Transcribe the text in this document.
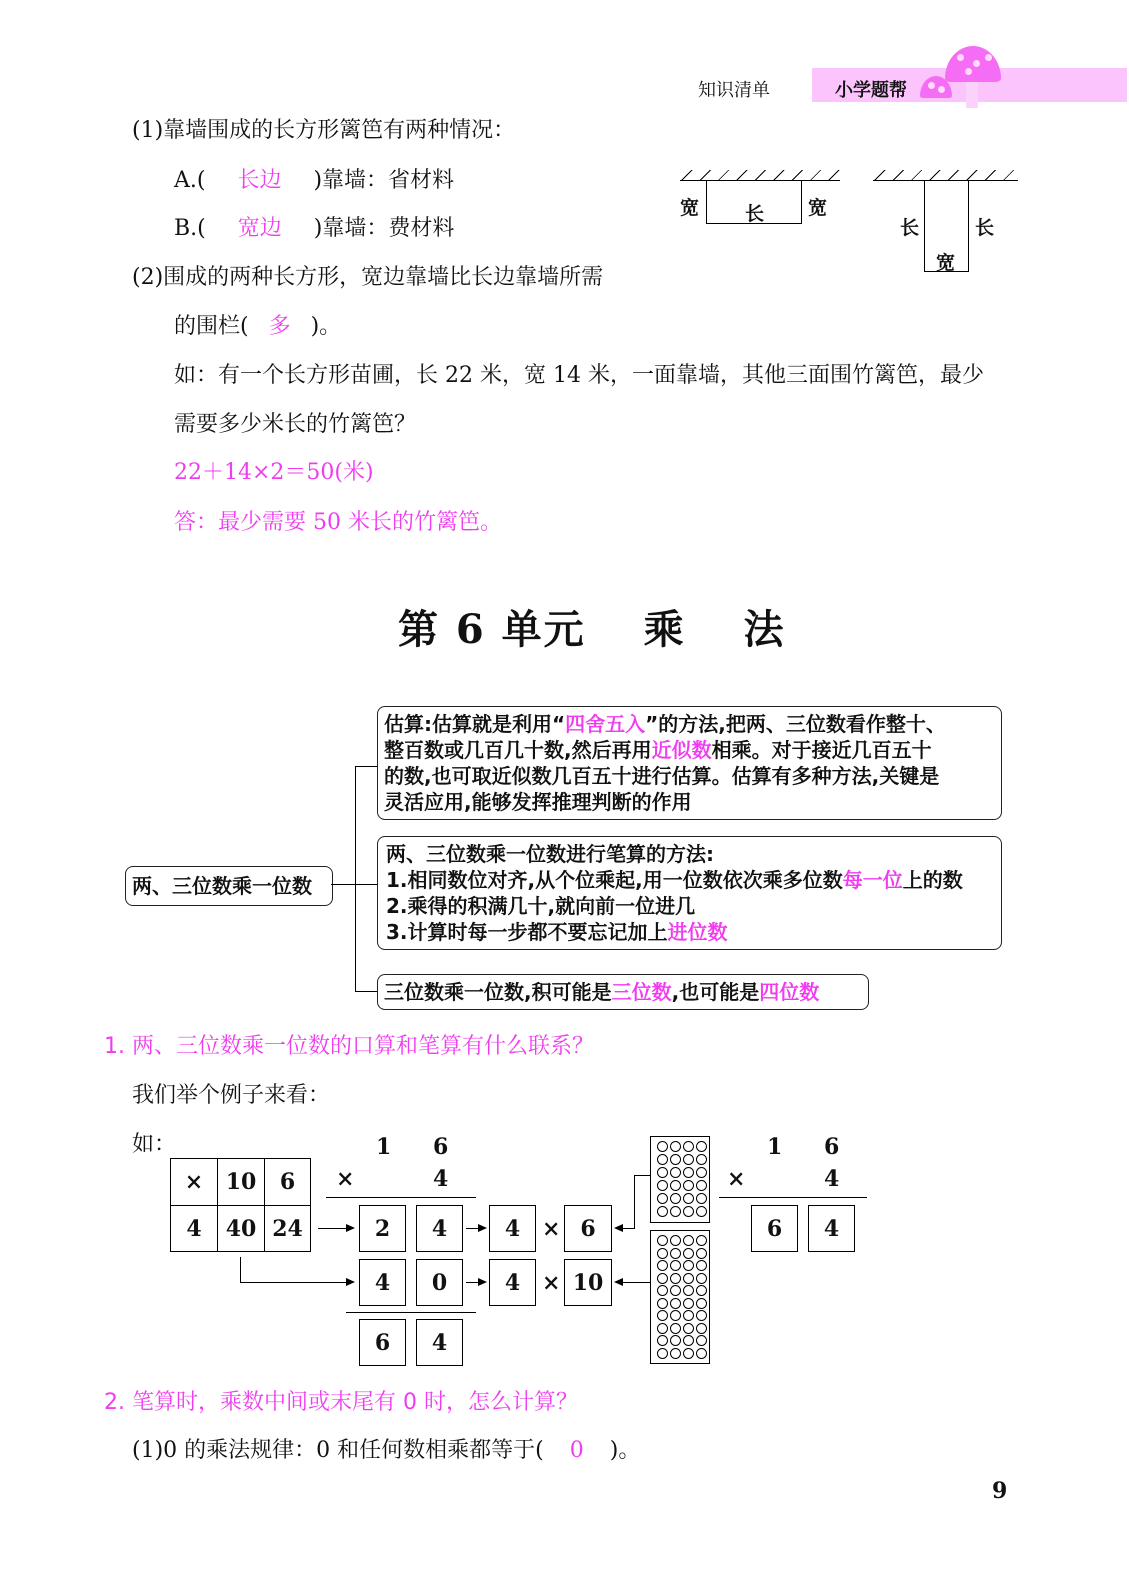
知识清单	小学题帮
(1)靠墙围成的长方形篱笆有两种情况：
A.( 长边 )靠墙：省材料
B.( 宽边 )靠墙：费材料
(2)围成的两种长方形，宽边靠墙比长边靠墙所需
的围栏( 多 )。
如：有一个长方形苗圃，长 22 米，宽 14 米，一面靠墙，其他三面围竹篱笆，最少
需要多少米长的竹篱笆？
22＋14×2＝50(米)
答：最少需要 50 米长的竹篱笆。
宽 长 宽
长	长
宽
第 6 单元　 乘　 法
两、三位数乘一位数
估算:估算就是利用“四舍五入”的方法,把两、三位数看作整十、
整百数或几百几十数,然后再用近似数相乘。对于接近几百五十
的数,也可取近似数几百五十进行估算。估算有多种方法,关键是
灵活应用,能够发挥推理判断的作用
两、三位数乘一位数进行笔算的方法:
1.相同数位对齐,从个位乘起,用一位数依次乘多位数每一位上的数
2.乘得的积满几十,就向前一位进几
3.计算时每一步都不要忘记加上进位数
三位数乘一位数,积可能是三位数,也可能是四位数
1. 两、三位数乘一位数的口算和笔算有什么联系？
我们举个例子来看：
如：
×	10	6
4	40 24
1 6
×	4
2	4
4	0
6	4
4 × 6
4 × 10
1 6
×	4
6	4
2. 笔算时，乘数中间或末尾有 0 时，怎么计算？
(1)0 的乘法规律：0 和任何数相乘都等于( 0 )。
9
